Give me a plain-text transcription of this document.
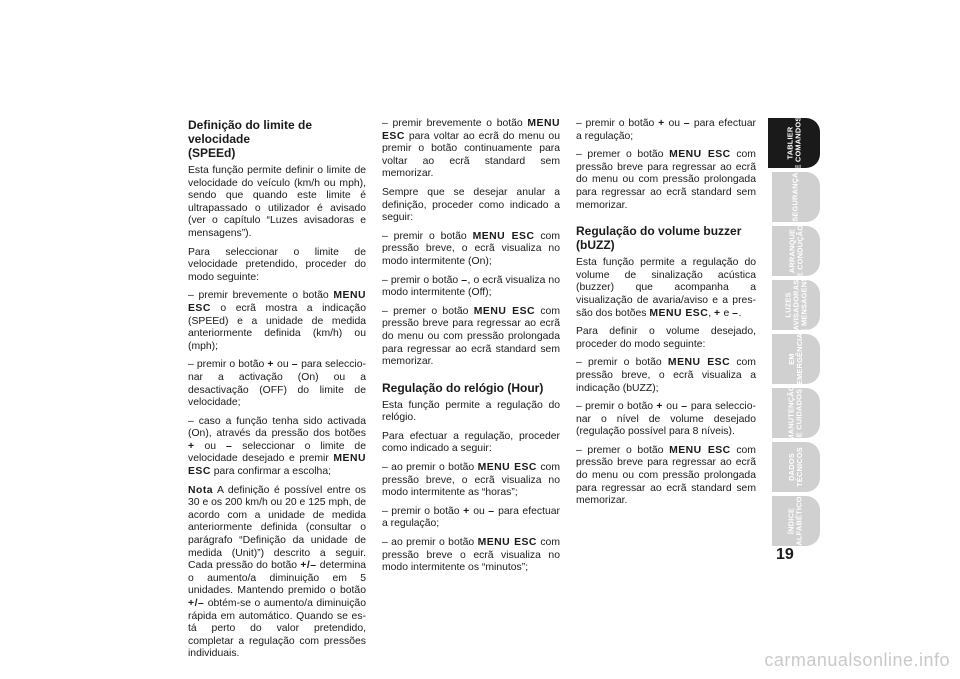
Definição do limite de velocidade
(SPEEd)

Esta função permite definir o limite de velocidade do veículo (km/h ou mph), sendo que quando este limite é ultrapassado o utilizador é avisado (ver o capítulo “Luzes avisadoras e mensagens”).

Para seleccionar o limite de velocidade pretendido, proceder do modo seguinte:

– premir brevemente o botão MENU ESC o ecrã mostra a indicação (SPEEd) e a unidade de medida anteriormente definida (km/h) ou (mph);

– premir o botão + ou – para seleccionar a activação (On) ou a desactivação (OFF) do limite de velocidade;

– caso a função tenha sido activada (On), através da pressão dos botões + ou – seleccionar o limite de velocidade desejado e premir MENU ESC para confirmar a escolha;

Nota A definição é possível entre os 30 e os 200 km/h ou 20 e 125 mph, de acordo com a unidade de medida anteriormente definida (consultar o parágrafo “Definição da unidade de medida (Unit)”) descrito a seguir. Cada pressão do botão +/– determina o aumento/a diminuição em 5 unidades. Mantendo premido o botão +/– obtém-se o aumento/a diminuição rápida em automático. Quando se está perto do valor pretendido, completar a regulação com pressões individuais.

– premir brevemente o botão MENU ESC para voltar ao ecrã do menu ou premir o botão continuamente para voltar ao ecrã standard sem memorizar.

Sempre que se desejar anular a definição, proceder como indicado a seguir:

– premir o botão MENU ESC com pressão breve, o ecrã visualiza no modo intermitente (On);

– premir o botão –, o ecrã visualiza no modo intermitente (Off);

– premer o botão MENU ESC com pressão breve para regressar ao ecrã do menu ou com pressão prolongada para regressar ao ecrã standard sem memorizar.

Regulação do relógio (Hour)

Esta função permite a regulação do relógio.

Para efectuar a regulação, proceder como indicado a seguir:

– ao premir o botão MENU ESC com pressão breve, o ecrã visualiza no modo intermitente as “horas”;

– premir o botão + ou – para efectuar a regulação;

– ao premir o botão MENU ESC com pressão breve o ecrã visualiza no modo intermitente os “minutos”;

– premir o botão + ou – para efectuar a regulação;

– premer o botão MENU ESC com pressão breve para regressar ao ecrã do menu ou com pressão prolongada para regressar ao ecrã standard sem memorizar.

Regulação do volume buzzer
(bUZZ)

Esta função permite a regulação do volume de sinalização acústica (buzzer) que acompanha a visualização de avaria/aviso e a pressão dos botões MENU ESC, + e –.

Para definir o volume desejado, proceder do modo seguinte:

– premir o botão MENU ESC com pressão breve, o ecrã visualiza a indicação (bUZZ);

– premir o botão + ou – para seleccionar o nível de volume desejado (regulação possível para 8 níveis).

– premer o botão MENU ESC com pressão breve para regressar ao ecrã do menu ou com pressão prolongada para regressar ao ecrã standard sem memorizar.

TABLIER
E COMANDOS
SEGURANÇA
ARRANQUE
E CONDUÇÃO
LUZES
AVISADORAS
E MENSAGENS
EM
EMERGÊNCIA
MANUTENÇÃO
E CUIDADOS
DADOS
TÉCNICOS
ÍNDICE
ALFABÉTICO
19
carmanualsonline.info
